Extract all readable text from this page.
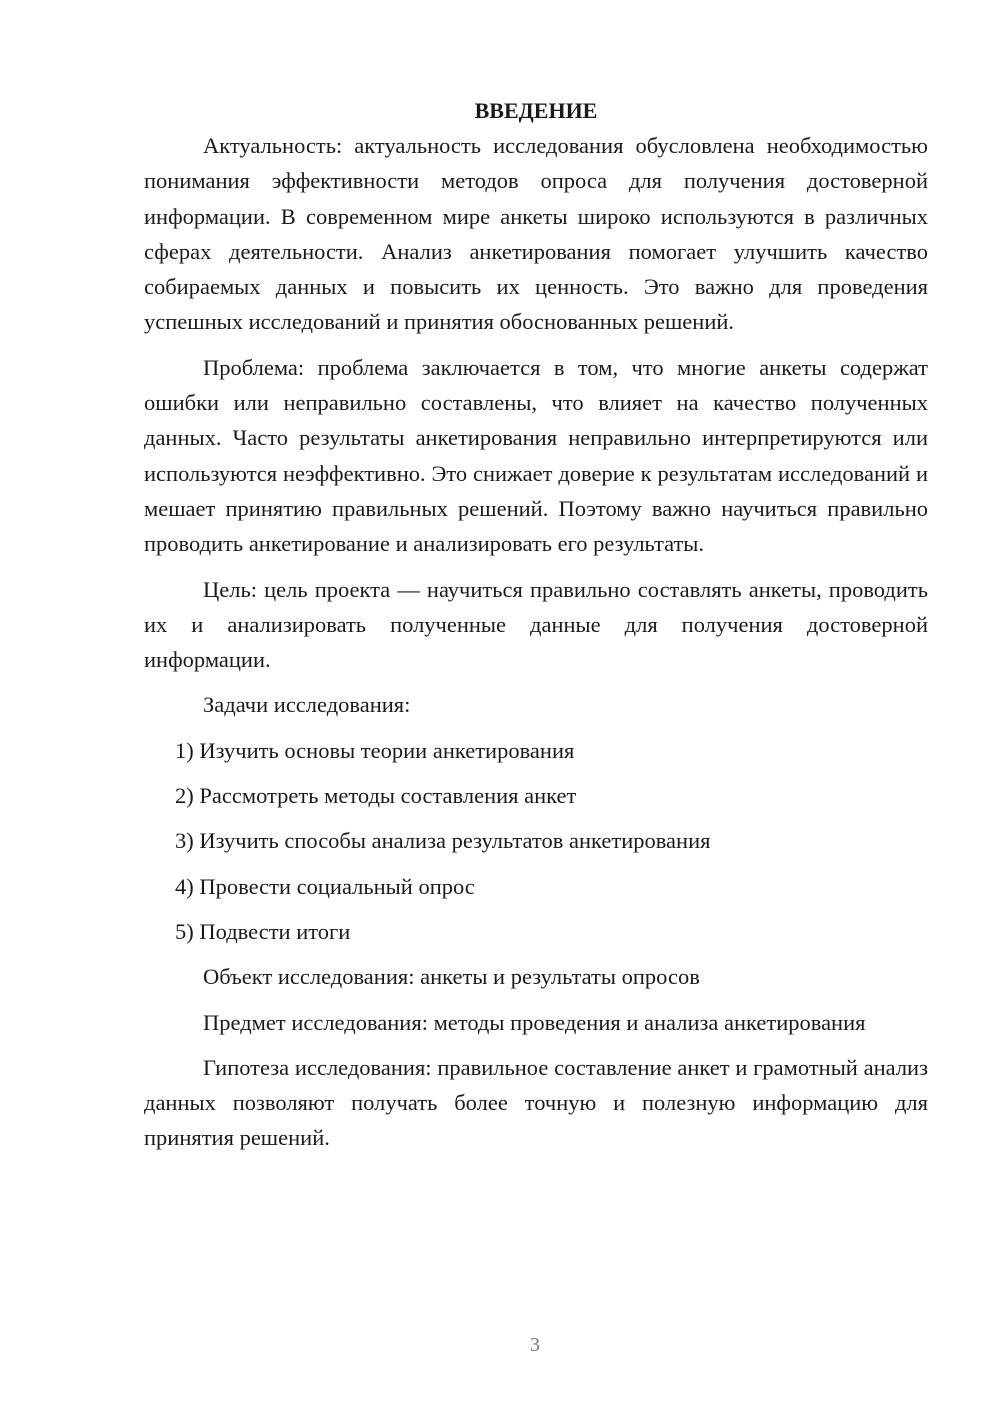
ВВЕДЕНИЕ

Актуальность: актуальность исследования обусловлена необходимостью понимания эффективности методов опроса для получения достоверной информации. В современном мире анкеты широко используются в различных сферах деятельности. Анализ анкетирования помогает улучшить качество собираемых данных и повысить их ценность. Это важно для проведения успешных исследований и принятия обоснованных решений.

Проблема: проблема заключается в том, что многие анкеты содержат ошибки или неправильно составлены, что влияет на качество полученных данных. Часто результаты анкетирования неправильно интерпретируются или используются неэффективно. Это снижает доверие к результатам исследований и мешает принятию правильных решений. Поэтому важно научиться правильно проводить анкетирование и анализировать его результаты.

Цель: цель проекта — научиться правильно составлять анкеты, проводить их и анализировать полученные данные для получения достоверной информации.

Задачи исследования:

1) Изучить основы теории анкетирования

2) Рассмотреть методы составления анкет

3) Изучить способы анализа результатов анкетирования

4) Провести социальный опрос

5) Подвести итоги

Объект исследования: анкеты и результаты опросов

Предмет исследования: методы проведения и анализа анкетирования

Гипотеза исследования: правильное составление анкет и грамотный анализ данных позволяют получать более точную и полезную информацию для принятия решений.

3
